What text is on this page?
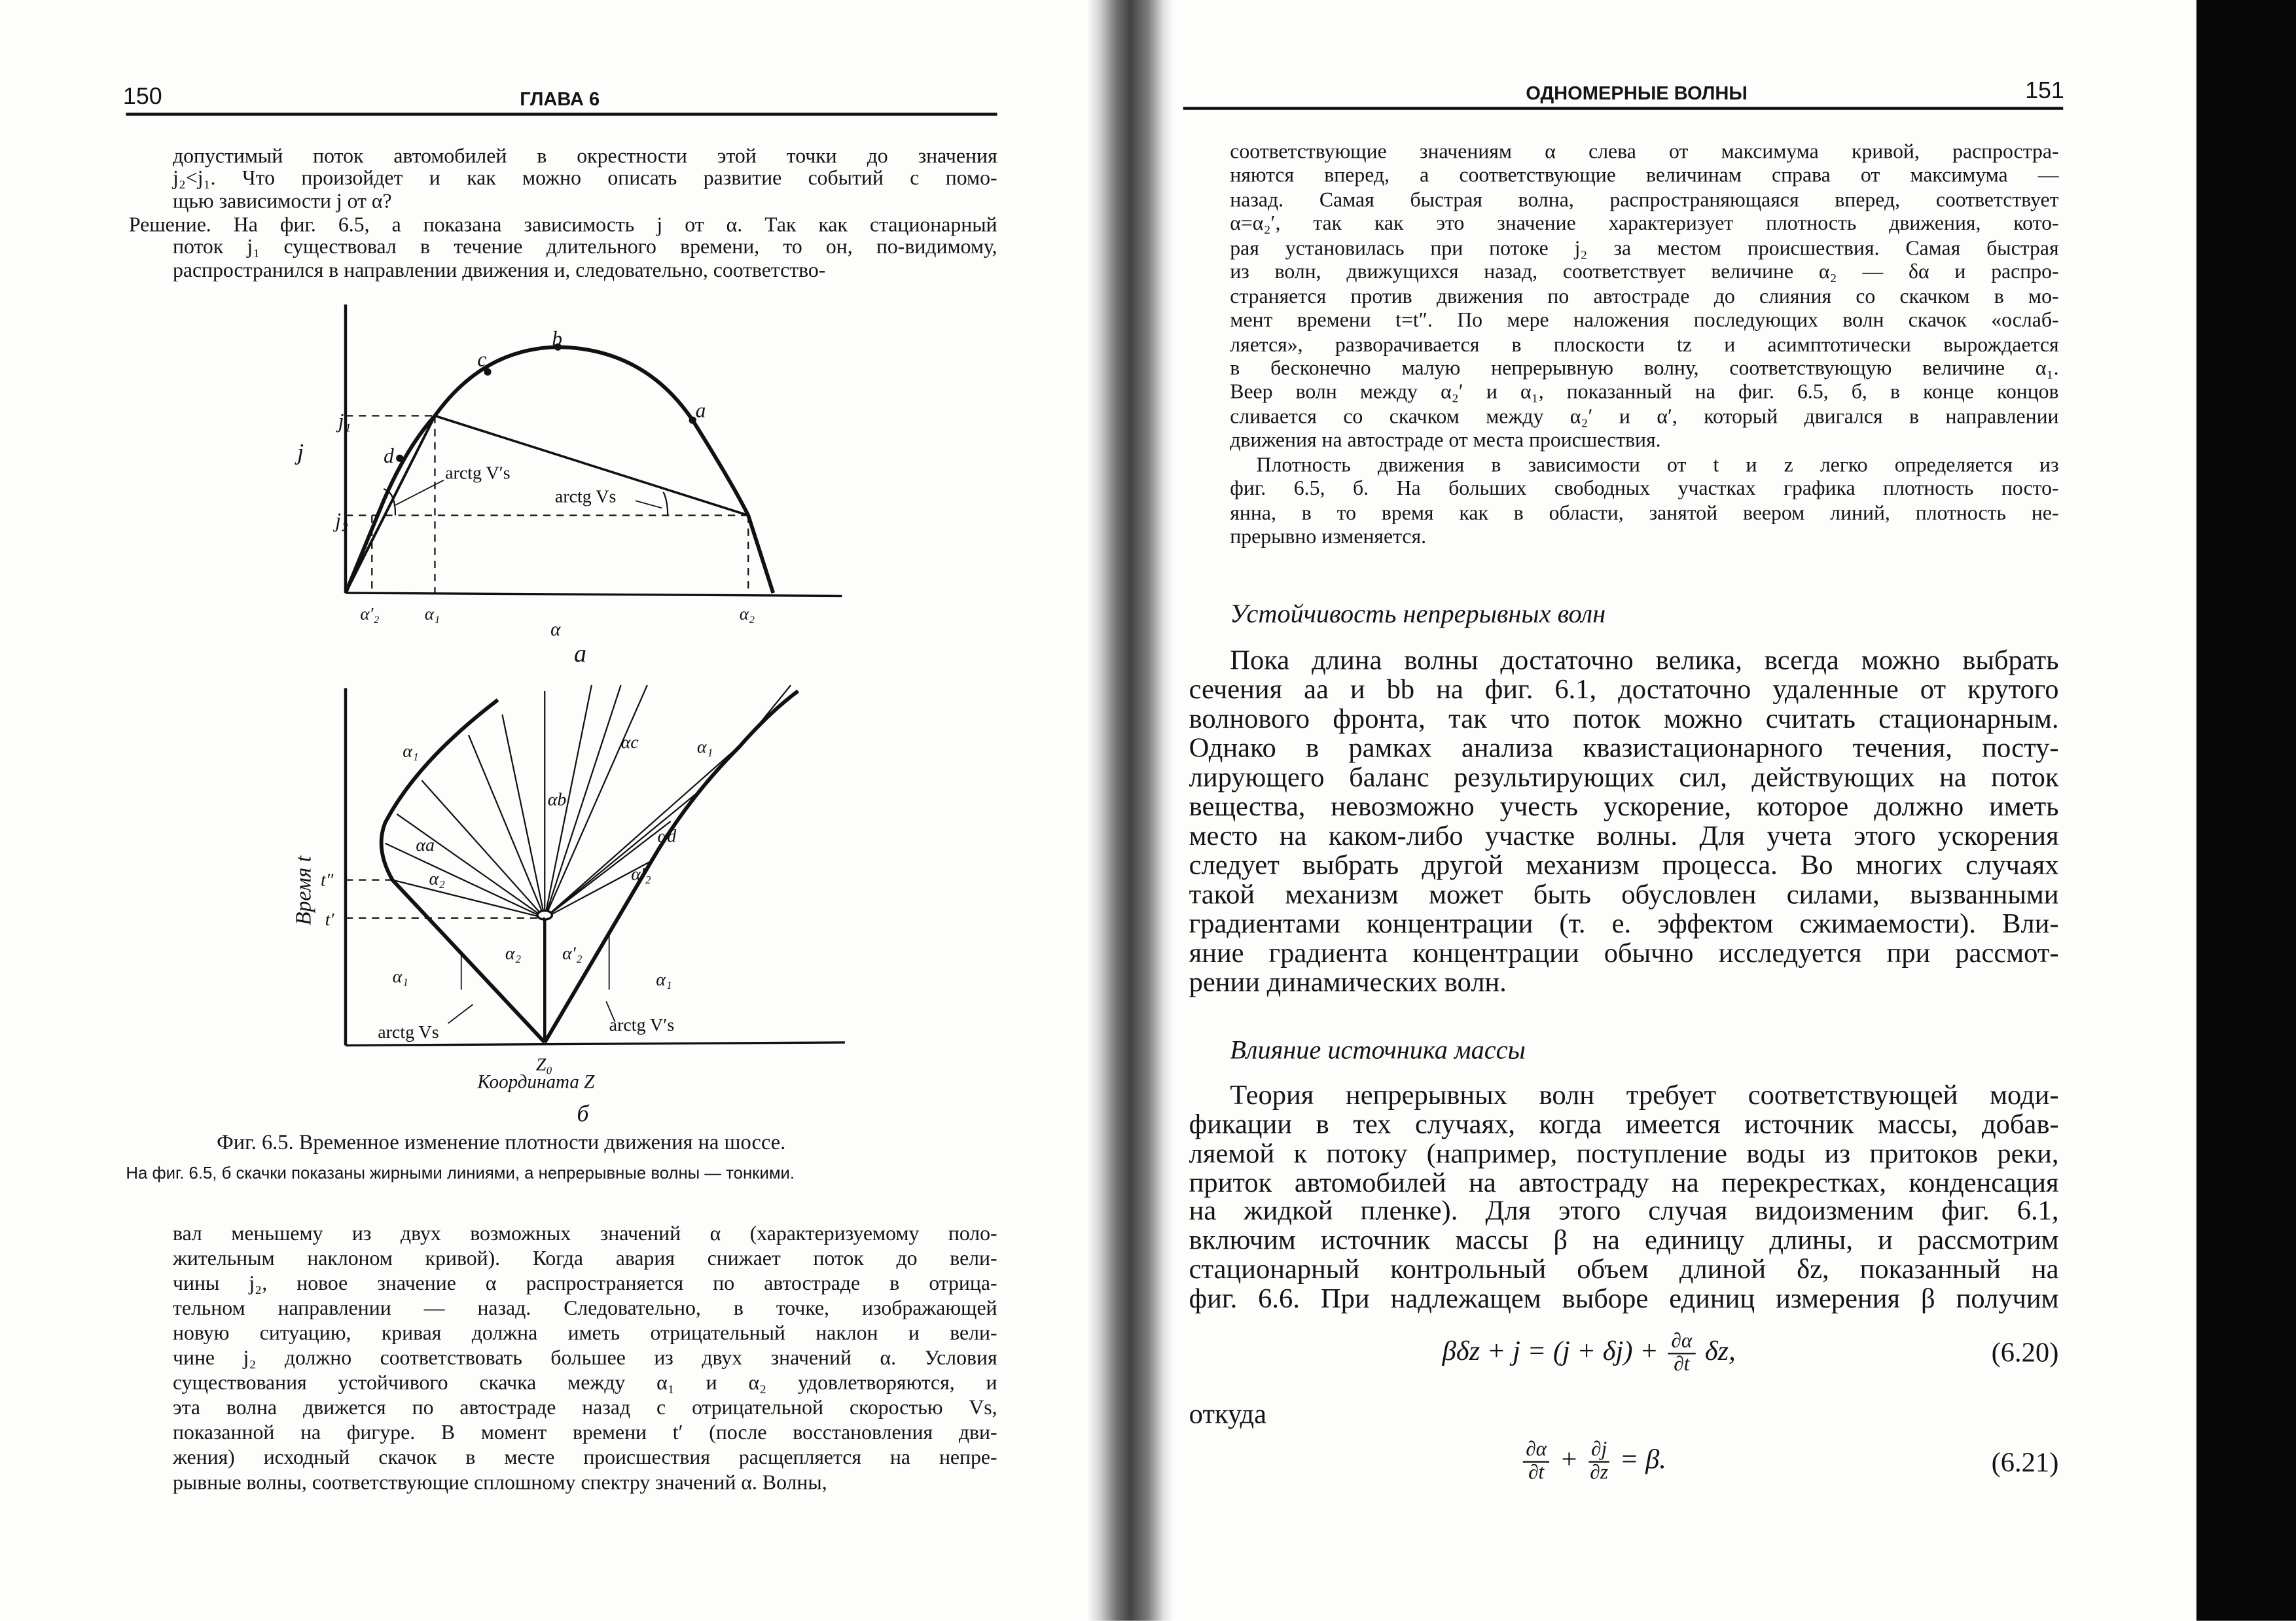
150	ГЛАВА 6
допустимый поток автомобилей в окрестности этой точки до значения
j₂<j₁. Что произойдет и как можно описать развитие событий с помо-
щью зависимости j от α?
Решение. На фиг. 6.5, a показана зависимость j от α. Так как стационарный
поток j₁ существовал в течение длительного времени, то он, по-видимому,
распространился в направлении движения и, следовательно, соответство-
j₁
j
j₂
α′₂	α₁	α₂
α
a
b
c
d
a
arctg V′s
arctg Vs
Время t t″
t′
α₁
αb
αc	α₁
αa
α₂
αd
α′₂
α₂	α′₂
α₁	α₁
arctg Vs	arctg V′s
Z₀
Координата Z
б
Фиг. 6.5. Временное изменение плотности движения на шоссе.
На фиг. 6.5, б скачки показаны жирными линиями, а непрерывные волны — тонкими.
вал меньшему из двух возможных значений α (характеризуемому поло-
жительным наклоном кривой). Когда авария снижает поток до вели-
чины j₂, новое значение α распространяется по автостраде в отрица-
тельном направлении — назад. Следовательно, в точке, изображающей
новую ситуацию, кривая должна иметь отрицательный наклон и вели-
чине j₂ должно соответствовать большее из двух значений α. Условия
существования устойчивого скачка между α₁ и α₂ удовлетворяются, и
эта волна движется по автостраде назад с отрицательной скоростью Vs,
показанной на фигуре. В момент времени t′ (после восстановления дви-
жения) исходный скачок в месте происшествия расщепляется на непре-
рывные волны, соответствующие сплошному спектру значений α. Волны,
ОДНОМЕРНЫЕ ВОЛНЫ	151
соответствующие значениям α слева от максимума кривой, распростра-
няются вперед, а соответствующие величинам справа от максимума —
назад. Самая быстрая волна, распространяющаяся вперед, соответствует
α=α₂′, так как это значение характеризует плотность движения, кото-
рая установилась при потоке j₂ за местом происшествия. Самая быстрая
из волн, движущихся назад, соответствует величине α₂ — δα и распро-
страняется против движения по автостраде до слияния со скачком в мо-
мент времени t=t″. По мере наложения последующих волн скачок «ослаб-
ляется», разворачивается в плоскости tz и асимптотически вырождается
в бесконечно малую непрерывную волну, соответствующую величине α₁.
Веер волн между α₂′ и α₁, показанный на фиг. 6.5, б, в конце концов
сливается со скачком между α₂′ и α′, который двигался в направлении
движения на автостраде от места происшествия.
Плотность движения в зависимости от t и z легко определяется из
фиг. 6.5, б. На больших свободных участках графика плотность посто-
янна, в то время как в области, занятой веером линий, плотность не-
прерывно изменяется.
Устойчивость непрерывных волн
Пока длина волны достаточно велика, всегда можно выбрать
сечения aa и bb на фиг. 6.1, достаточно удаленные от крутого
волнового фронта, так что поток можно считать стационарным.
Однако в рамках анализа квазистационарного течения, посту-
лирующего баланс результирующих сил, действующих на поток
вещества, невозможно учесть ускорение, которое должно иметь
место на каком-либо участке волны. Для учета этого ускорения
следует выбрать другой механизм процесса. Во многих случаях
такой механизм может быть обусловлен силами, вызванными
градиентами концентрации (т. е. эффектом сжимаемости). Вли-
яние градиента концентрации обычно исследуется при рассмот-
рении динамических волн.
Влияние источника массы
Теория непрерывных волн требует соответствующей моди-
фикации в тех случаях, когда имеется источник массы, добав-
ляемой к потоку (например, поступление воды из притоков реки,
приток автомобилей на автостраду на перекрестках, конденсация
на жидкой пленке). Для этого случая видоизменим фиг. 6.1,
включим источник массы β на единицу длины, и рассмотрим
стационарный контрольный объем длиной δz, показанный на
фиг. 6.6. При надлежащем выборе единиц измерения β получим
$\beta\delta z + j = (j + \delta j) + \frac{\partial\alpha}{\partial t} \delta z$,	(6.20)
откуда
$\frac{\partial\alpha}{\partial t} + \frac{\partial j}{\partial z} = \beta$.	(6.21)
